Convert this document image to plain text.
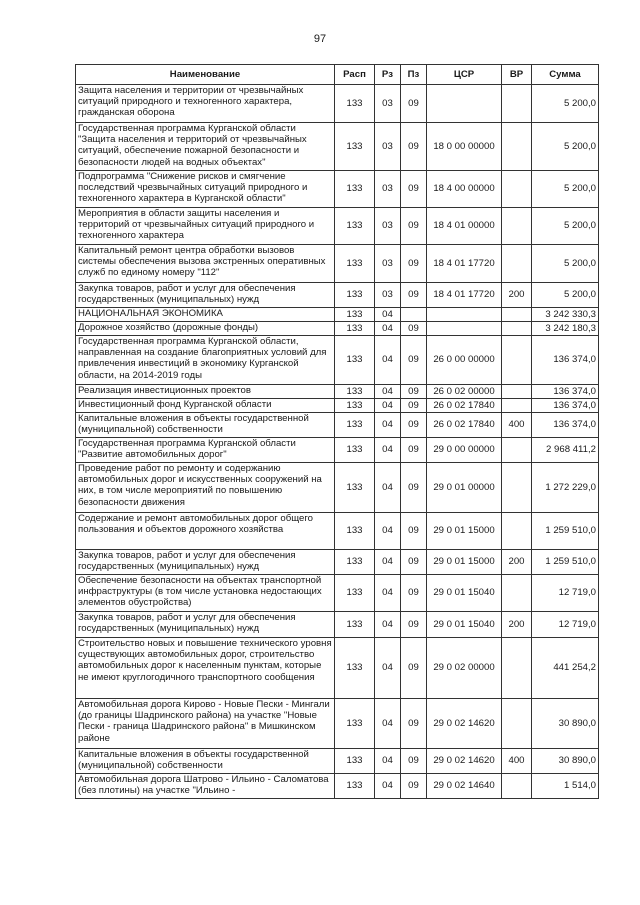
97
Наименование	Расп	Рз	Пз	ЦСР	ВР	Сумма
Защита населения и территории от чрезвычайных ситуаций природного и техногенного характера, гражданская оборона	133	03	09			5 200,0
Государственная программа Курганской области "Защита населения и территорий от чрезвычайных ситуаций, обеспечение пожарной безопасности и безопасности людей на водных объектах"	133	03	09	18 0 00 00000		5 200,0
Подпрограмма "Снижение рисков и смягчение последствий чрезвычайных ситуаций природного и техногенного характера в Курганской области"	133	03	09	18 4 00 00000		5 200,0
Мероприятия в области защиты населения и территорий от чрезвычайных ситуаций природного и техногенного характера	133	03	09	18 4 01 00000		5 200,0
Капитальный ремонт центра обработки вызовов системы обеспечения вызова экстренных оперативных служб по единому номеру "112"	133	03	09	18 4 01 17720		5 200,0
Закупка товаров, работ и услуг для обеспечения государственных (муниципальных) нужд	133	03	09	18 4 01 17720	200	5 200,0
НАЦИОНАЛЬНАЯ ЭКОНОМИКА	133	04				3 242 330,3
Дорожное хозяйство (дорожные фонды)	133	04	09			3 242 180,3
Государственная программа Курганской области, направленная на создание благоприятных условий для привлечения инвестиций в экономику Курганской области, на 2014-2019 годы	133	04	09	26 0 00 00000		136 374,0
Реализация инвестиционных проектов	133	04	09	26 0 02 00000		136 374,0
Инвестиционный фонд Курганской области	133	04	09	26 0 02 17840		136 374,0
Капитальные вложения в объекты государственной (муниципальной) собственности	133	04	09	26 0 02 17840	400	136 374,0
Государственная программа Курганской области "Развитие автомобильных дорог"	133	04	09	29 0 00 00000		2 968 411,2
Проведение работ по ремонту и содержанию автомобильных дорог и искусственных сооружений на них, в том числе мероприятий по повышению безопасности движения	133	04	09	29 0 01 00000		1 272 229,0
Содержание и ремонт автомобильных дорог общего пользования и объектов дорожного хозяйства	133	04	09	29 0 01 15000		1 259 510,0
Закупка товаров, работ и услуг для обеспечения государственных (муниципальных) нужд	133	04	09	29 0 01 15000	200	1 259 510,0
Обеспечение безопасности на объектах транспортной инфраструктуры (в том числе установка недостающих элементов обустройства)	133	04	09	29 0 01 15040		12 719,0
Закупка товаров, работ и услуг для обеспечения государственных (муниципальных) нужд	133	04	09	29 0 01 15040	200	12 719,0
Строительство новых и повышение технического уровня существующих автомобильных дорог, строительство автомобильных дорог к населенным пунктам, которые не имеют круглогодичного транспортного сообщения	133	04	09	29 0 02 00000		441 254,2
Автомобильная дорога Кирово - Новые Пески - Мингали (до границы Шадринского района) на участке "Новые Пески - граница Шадринского района" в Мишкинском районе	133	04	09	29 0 02 14620		30 890,0
Капитальные вложения в объекты государственной (муниципальной) собственности	133	04	09	29 0 02 14620	400	30 890,0
Автомобильная дорога Шатрово - Ильино - Саломатова (без плотины) на участке "Ильино -	133	04	09	29 0 02 14640		1 514,0
